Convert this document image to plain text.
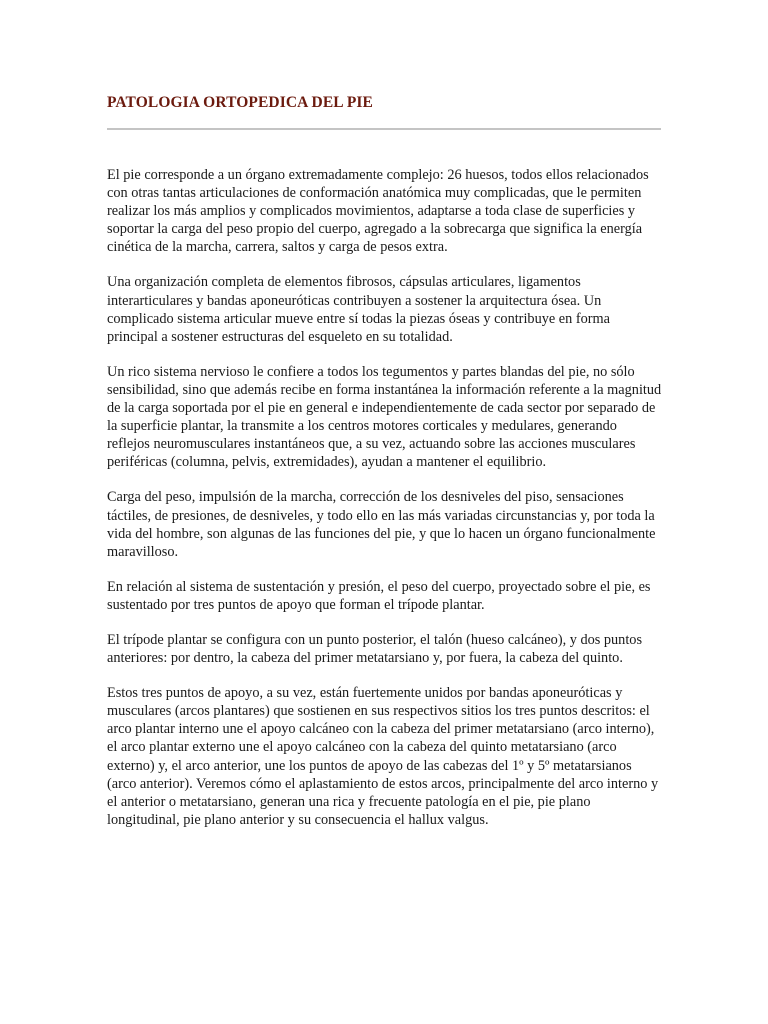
PATOLOGIA ORTOPEDICA DEL PIE

El pie corresponde a un órgano extremadamente complejo: 26 huesos, todos ellos relacionados con otras tantas articulaciones de conformación anatómica muy complicadas, que le permiten realizar los más amplios y complicados movimientos, adaptarse a toda clase de superficies y soportar la carga del peso propio del cuerpo, agregado a la sobrecarga que significa la energía cinética de la marcha, carrera, saltos y carga de pesos extra.

Una organización completa de elementos fibrosos, cápsulas articulares, ligamentos interarticulares y bandas aponeuróticas contribuyen a sostener la arquitectura ósea. Un complicado sistema articular mueve entre sí todas la piezas óseas y contribuye en forma principal a sostener estructuras del esqueleto en su totalidad.

Un rico sistema nervioso le confiere a todos los tegumentos y partes blandas del pie, no sólo sensibilidad, sino que además recibe en forma instantánea la información referente a la magnitud de la carga soportada por el pie en general e independientemente de cada sector por separado de la superficie plantar, la transmite a los centros motores corticales y medulares, generando reflejos neuromusculares instantáneos que, a su vez, actuando sobre las acciones musculares periféricas (columna, pelvis, extremidades), ayudan a mantener el equilibrio.

Carga del peso, impulsión de la marcha, corrección de los desniveles del piso, sensaciones táctiles, de presiones, de desniveles, y todo ello en las más variadas circunstancias y, por toda la vida del hombre, son algunas de las funciones del pie, y que lo hacen un órgano funcionalmente maravilloso.

En relación al sistema de sustentación y presión, el peso del cuerpo, proyectado sobre el pie, es sustentado por tres puntos de apoyo que forman el trípode plantar.

El trípode plantar se configura con un punto posterior, el talón (hueso calcáneo), y dos puntos anteriores: por dentro, la cabeza del primer metatarsiano y, por fuera, la cabeza del quinto.

Estos tres puntos de apoyo, a su vez, están fuertemente unidos por bandas aponeuróticas y musculares (arcos plantares) que sostienen en sus respectivos sitios los tres puntos descritos: el arco plantar interno une el apoyo calcáneo con la cabeza del primer metatarsiano (arco interno), el arco plantar externo une el apoyo calcáneo con la cabeza del quinto metatarsiano (arco externo) y, el arco anterior, une los puntos de apoyo de las cabezas del 1º y 5º metatarsianos (arco anterior). Veremos cómo el aplastamiento de estos arcos, principalmente del arco interno y el anterior o metatarsiano, generan una rica y frecuente patología en el pie, pie plano longitudinal, pie plano anterior y su consecuencia el hallux valgus.
